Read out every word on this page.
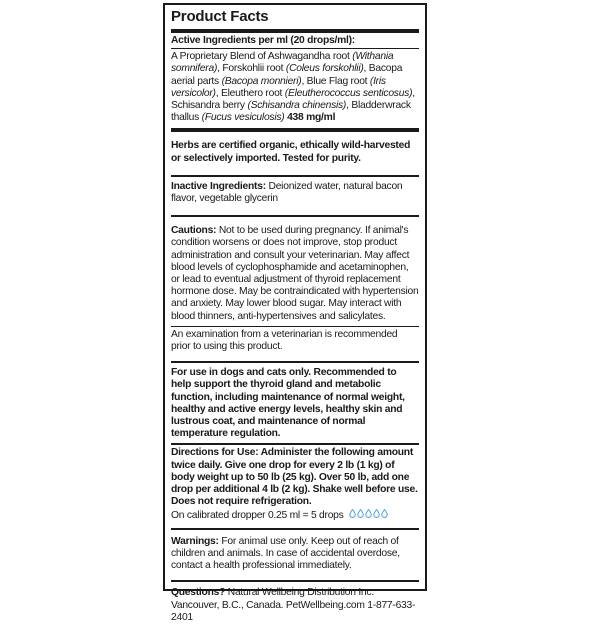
Product Facts
Active Ingredients per ml (20 drops/ml):
A Proprietary Blend of Ashwagandha root (Withania somnifera), Forskohlii root (Coleus forskohlii), Bacopa aerial parts (Bacopa monnieri), Blue Flag root (Iris versicolor), Eleuthero root (Eleutherococcus senticosus), Schisandra berry (Schisandra chinensis), Bladderwrack thallus (Fucus vesiculosis) 438 mg/ml
Herbs are certified organic, ethically wild-harvested or selectively imported. Tested for purity.
Inactive Ingredients: Deionized water, natural bacon flavor, vegetable glycerin
Cautions: Not to be used during pregnancy. If animal's condition worsens or does not improve, stop product administration and consult your veterinarian. May affect blood levels of cyclophosphamide and acetaminophen, or lead to eventual adjustment of thyroid replacement hormone dose. May be contraindicated with hypertension and anxiety. May lower blood sugar. May interact with blood thinners, anti-hypertensives and salicylates.
An examination from a veterinarian is recommended prior to using this product.
For use in dogs and cats only. Recommended to help support the thyroid gland and metabolic function, including maintenance of normal weight, healthy and active energy levels, healthy skin and lustrous coat, and maintenance of normal temperature regulation.
Directions for Use: Administer the following amount twice daily. Give one drop for every 2 lb (1 kg) of body weight up to 50 lb (25 kg). Over 50 lb, add one drop per additional 4 lb (2 kg). Shake well before use. Does not require refrigeration.
On calibrated dropper 0.25 ml = 5 drops
Warnings: For animal use only. Keep out of reach of children and animals. In case of accidental overdose, contact a health professional immediately.
Questions? Natural Wellbeing Distribution Inc. Vancouver, B.C., Canada. PetWellbeing.com 1-877-633-2401
